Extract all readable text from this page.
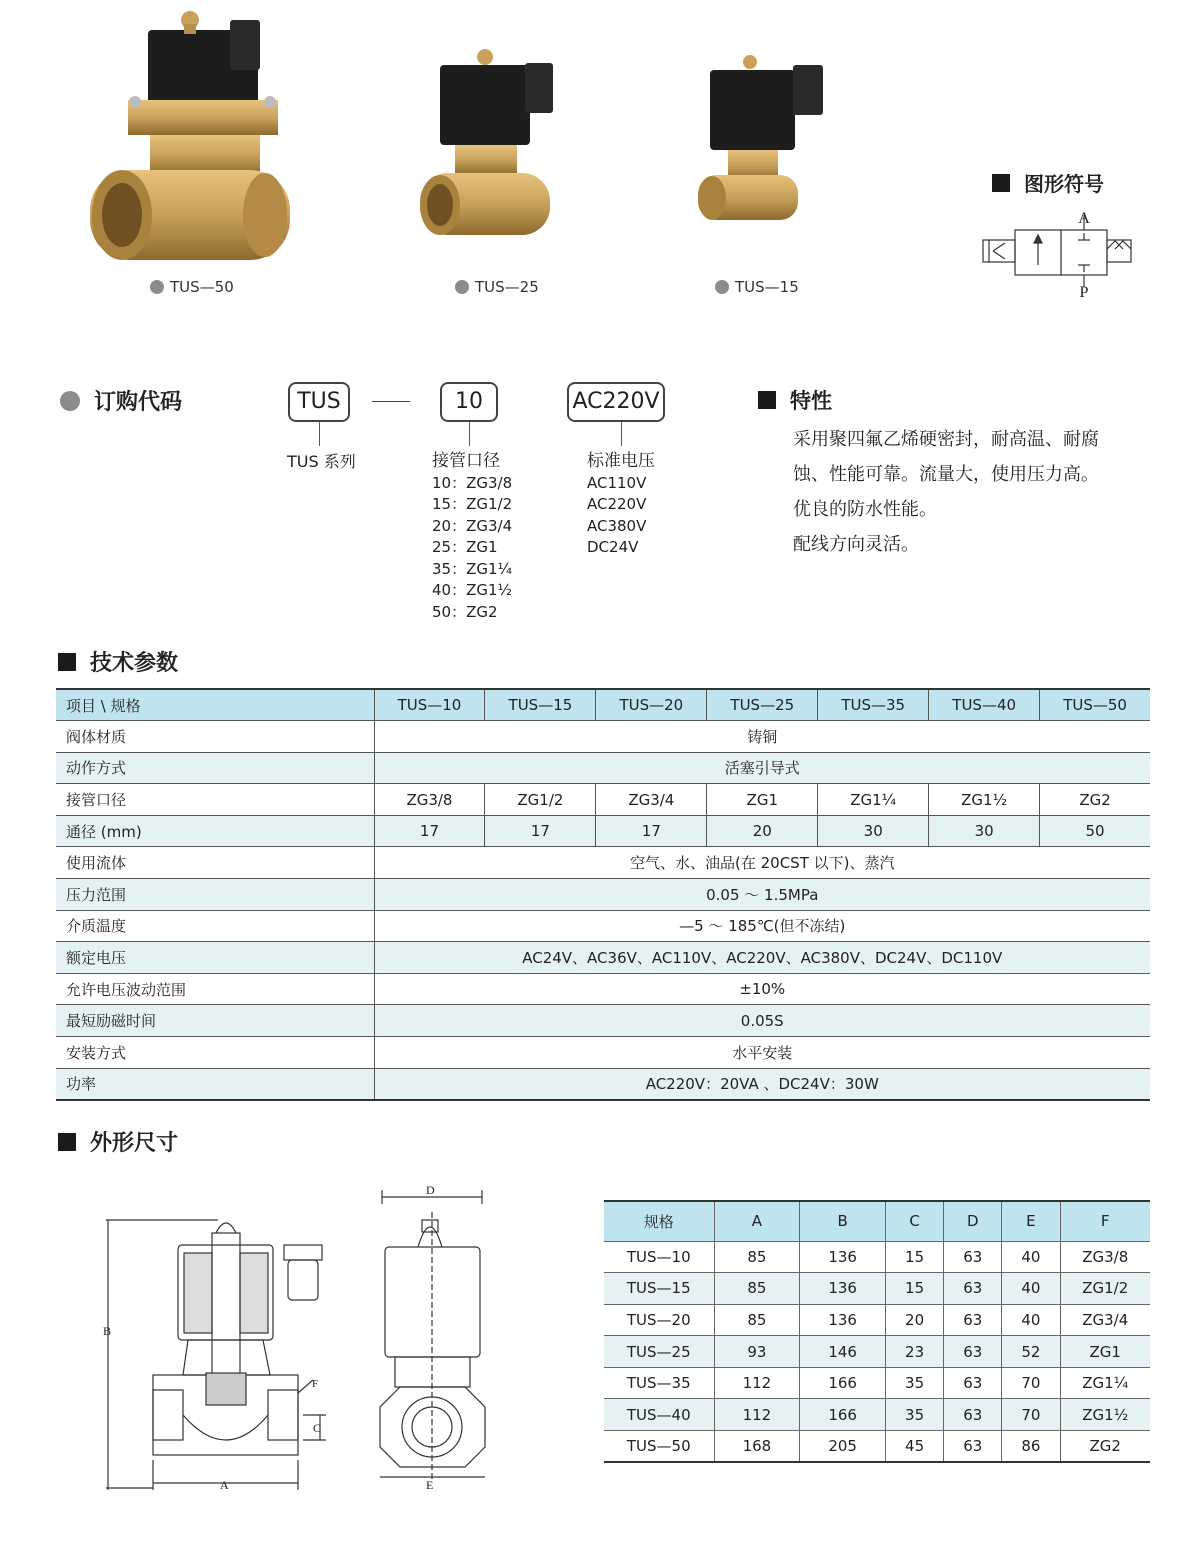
TUS—50	TUS—25	TUS—15
图形符号
A
P
订购代码	TUS	10	AC220V
TUS 系列	接管口径
10：ZG3/8
15：ZG1/2
20：ZG3/4
25：ZG1
35：ZG1¼
40：ZG1½
50：ZG2
标准电压
AC110V
AC220V
AC380V
DC24V
特性
采用聚四氟乙烯硬密封，耐高温、耐腐
蚀、性能可靠。流量大，使用压力高。
优良的防水性能。
配线方向灵活。
技术参数
项目 \ 规格	TUS—10	TUS—15	TUS—20	TUS—25	TUS—35	TUS—40	TUS—50
阀体材质	铸铜						
动作方式	活塞引导式						
接管口径	ZG3/8	ZG1/2	ZG3/4	ZG1	ZG1¼	ZG1½	ZG2
通径 (mm)	17	17	17	20	30	30	50
使用流体	空气、水、油品(在 20CST 以下)、蒸汽						
压力范围	0.05 ～ 1.5MPa						
介质温度	—5 ～ 185℃(但不冻结)						
额定电压	AC24V、AC36V、AC110V、AC220V、AC380V、DC24V、DC110V						
允许电压波动范围	±10%						
最短励磁时间	0.05S						
安装方式	水平安装						
功率	AC220V：20VA 、DC24V：30W						
外形尺寸
B
A
C
F
D
E
规格	A	B	C	D	E	F
TUS—10	85	136	15	63	40	ZG3/8
TUS—15	85	136	15	63	40	ZG1/2
TUS—20	85	136	20	63	40	ZG3/4
TUS—25	93	146	23	63	52	ZG1
TUS—35	112	166	35	63	70	ZG1¼
TUS—40	112	166	35	63	70	ZG1½
TUS—50	168	205	45	63	86	ZG2
